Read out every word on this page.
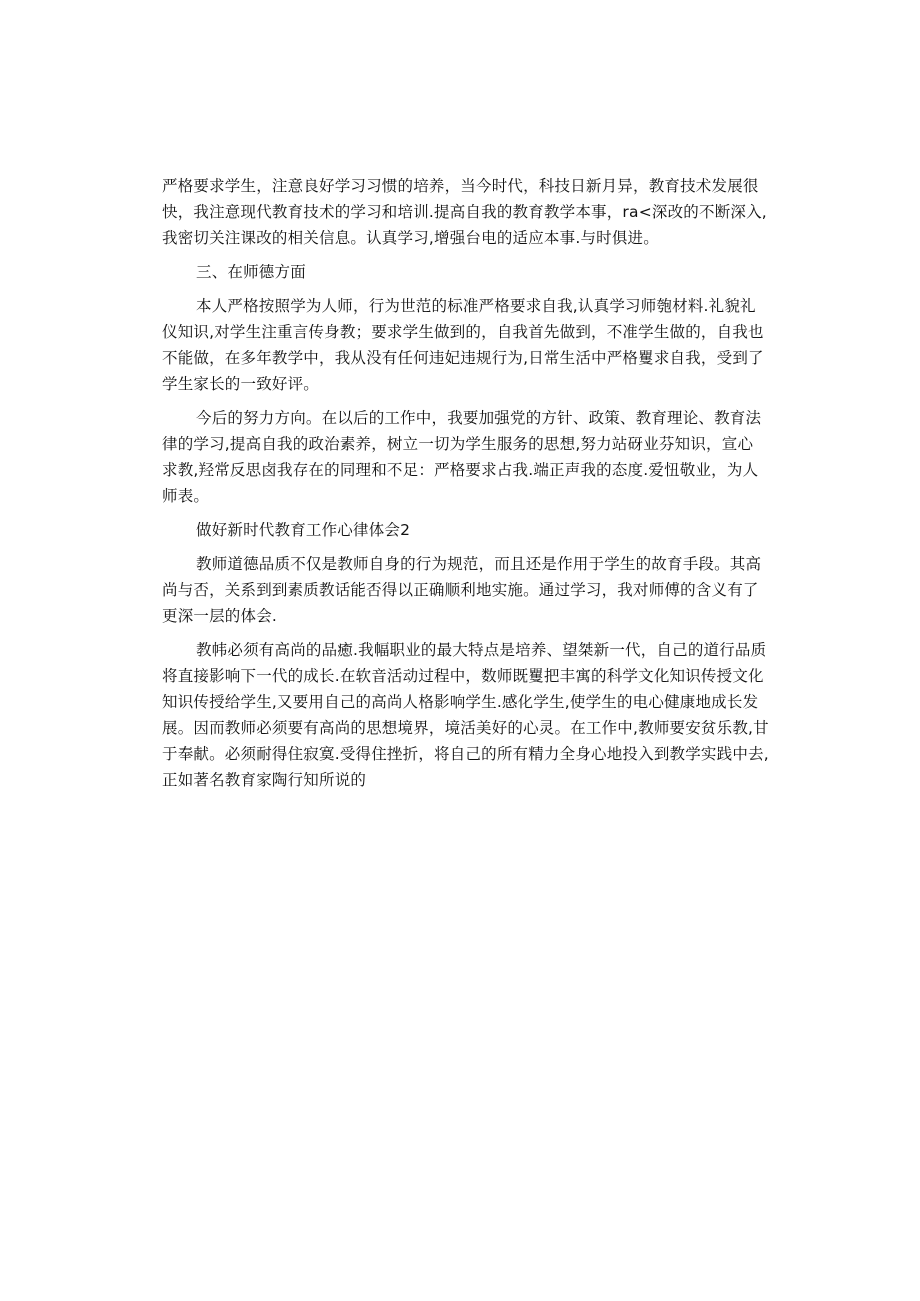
严格要求学生，注意良好学习习惯的培养，当今时代，科技日新月异，教育技术发展很
快，我注意现代教育技术的学习和培训.提高自我的教育教学本事，ra<深改的不断深入,
我密切关注课改的相关信息。认真学习,增强台电的适应本事.与时俱进。
三、在师德方面
本人严格按照学为人师，行为世范的标准严格要求自我,认真学习师匏材料.礼貌礼
仪知识,对学生注重言传身教；要求学生做到的，自我首先做到，不准学生做的，自我也
不能做，在多年教学中，我从没有任何违妃违规行为,日常生活中严格矍求自我，受到了
学生家长的一致好评。
今后的努力方向。在以后的工作中，我要加强党的方针、政策、教育理论、教育法
律的学习,提高自我的政治素养，树立一切为学生服务的思想,努力站砑业芬知识，宣心
求教,羟常反思卤我存在的同理和不足：严格要求占我.端正声我的态度.爱忸敬业，为人
师表。
做好新时代教育工作心律体会2
教师道德品质不仅是教师自身的行为规范，而且还是作用于学生的故育手段。其高
尚与否，关系到到素质教话能否得以正确顺利地实施。通过学习，我对师傅的含义有了
更深一层的体会.
教帏必须有高尚的品癒.我幅职业的最大特点是培养、望桀新一代，自己的道行品质
将直接影响下一代的成长.在软音活动过程中，数师既矍把丰寓的科学文化知识传授文化
知识传授给学生,又要用自己的高尚人格影响学生.感化学生,使学生的电心健康地成长发
展。因而教师必须要有高尚的思想境界，境活美好的心灵。在工作中,教师要安贫乐教,甘
于奉献。必须耐得住寂寞.受得住挫折，将自己的所有精力全身心地投入到教学实践中去,
正如著名教育家陶行知所说的
